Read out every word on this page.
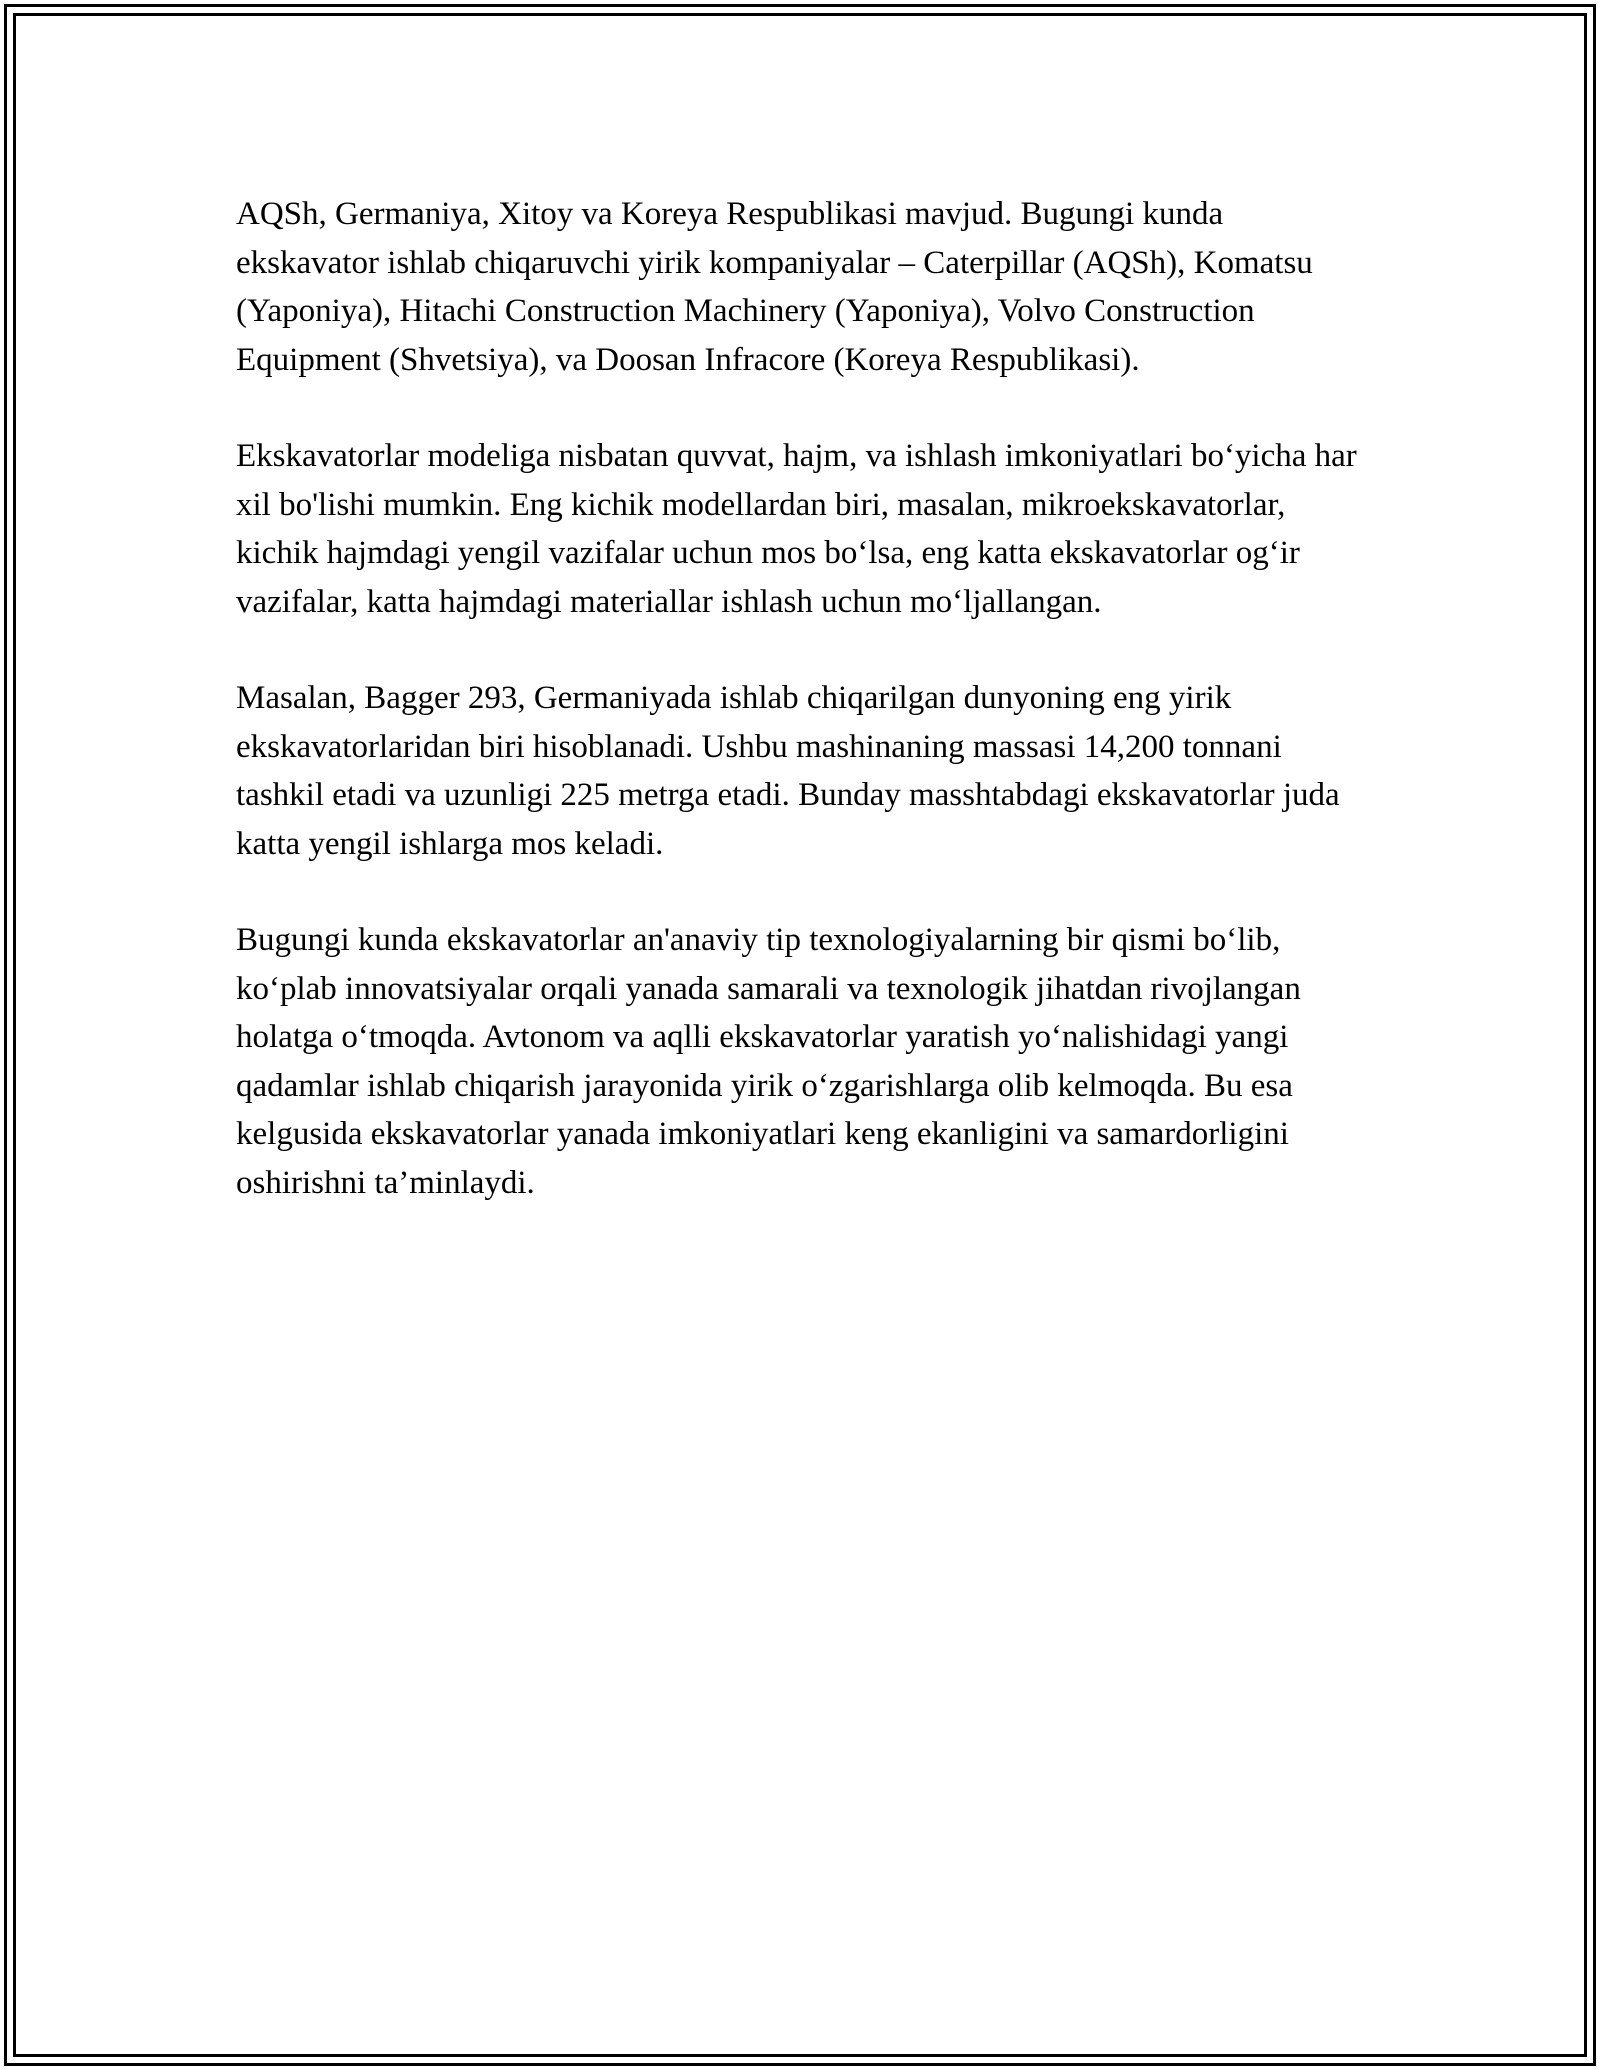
AQSh, Germaniya, Xitoy va Koreya Respublikasi mavjud. Bugungi kunda ekskavator ishlab chiqaruvchi yirik kompaniyalar – Caterpillar (AQSh), Komatsu (Yaponiya), Hitachi Construction Machinery (Yaponiya), Volvo Construction Equipment (Shvetsiya), va Doosan Infracore (Koreya Respublikasi).

Ekskavatorlar modeliga nisbatan quvvat, hajm, va ishlash imkoniyatlari bo‘yicha har xil bo'lishi mumkin. Eng kichik modellardan biri, masalan, mikroekskavatorlar, kichik hajmdagi yengil vazifalar uchun mos bo‘lsa, eng katta ekskavatorlar og‘ir vazifalar, katta hajmdagi materiallar ishlash uchun mo‘ljallangan.

Masalan, Bagger 293, Germaniyada ishlab chiqarilgan dunyoning eng yirik ekskavatorlaridan biri hisoblanadi. Ushbu mashinaning massasi 14,200 tonnani tashkil etadi va uzunligi 225 metrga etadi. Bunday masshtabdagi ekskavatorlar juda katta yengil ishlarga mos keladi.

Bugungi kunda ekskavatorlar an'anaviy tip texnologiyalarning bir qismi bo‘lib, ko‘plab innovatsiyalar orqali yanada samarali va texnologik jihatdan rivojlangan holatga o‘tmoqda. Avtonom va aqlli ekskavatorlar yaratish yo‘nalishidagi yangi qadamlar ishlab chiqarish jarayonida yirik o‘zgarishlarga olib kelmoqda. Bu esa kelgusida ekskavatorlar yanada imkoniyatlari keng ekanligini va samardorligini oshirishni ta’minlaydi.
